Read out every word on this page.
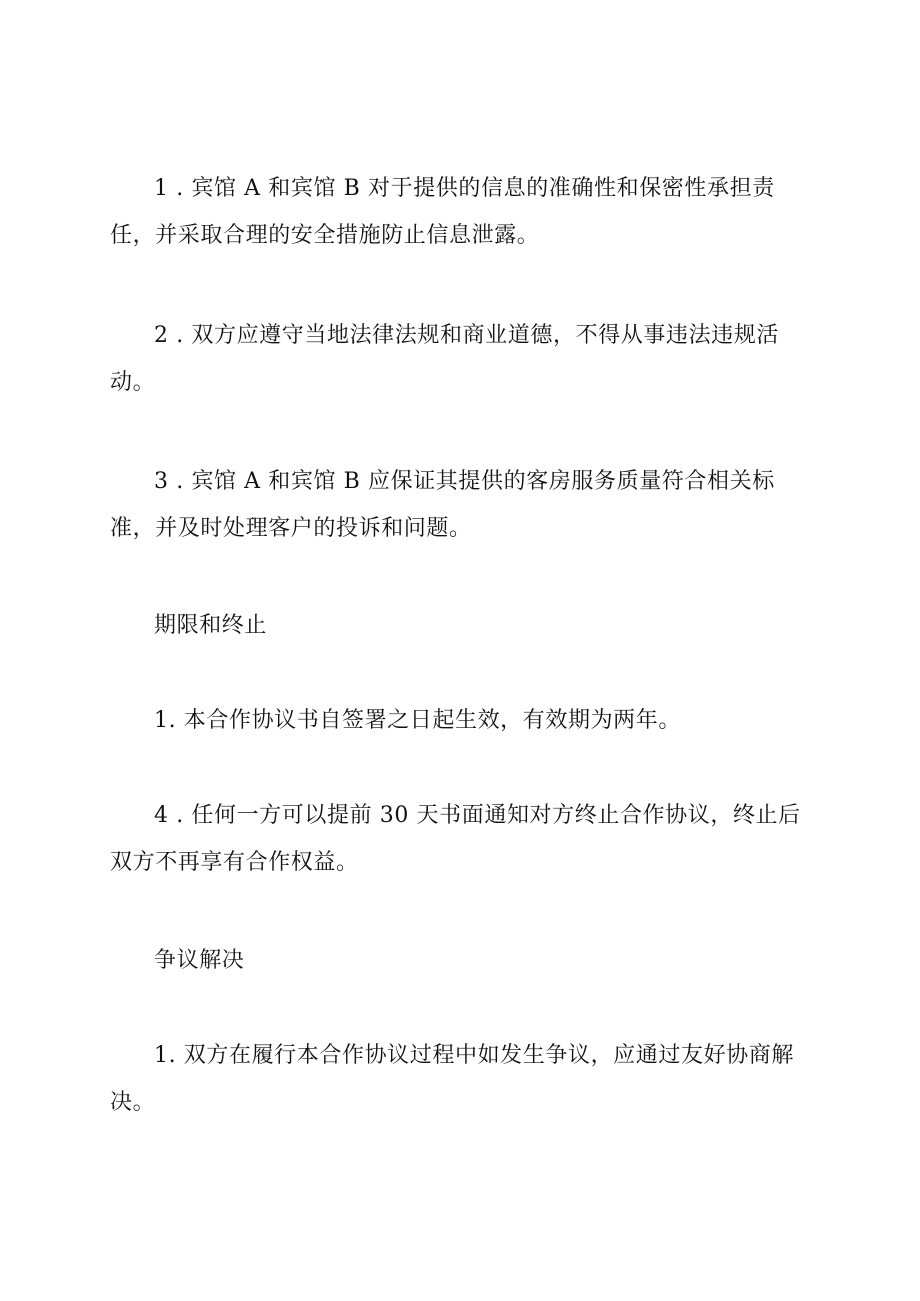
1 . 宾馆 A 和宾馆 B 对于提供的信息的准确性和保密性承担责
任，并采取合理的安全措施防止信息泄露。

2 . 双方应遵守当地法律法规和商业道德，不得从事违法违规活
动。

3 . 宾馆 A 和宾馆 B 应保证其提供的客房服务质量符合相关标
准，并及时处理客户的投诉和问题。

期限和终止

1. 本合作协议书自签署之日起生效，有效期为两年。

4 . 任何一方可以提前 30 天书面通知对方终止合作协议，终止后
双方不再享有合作权益。

争议解决

1. 双方在履行本合作协议过程中如发生争议，应通过友好协商解
决。
